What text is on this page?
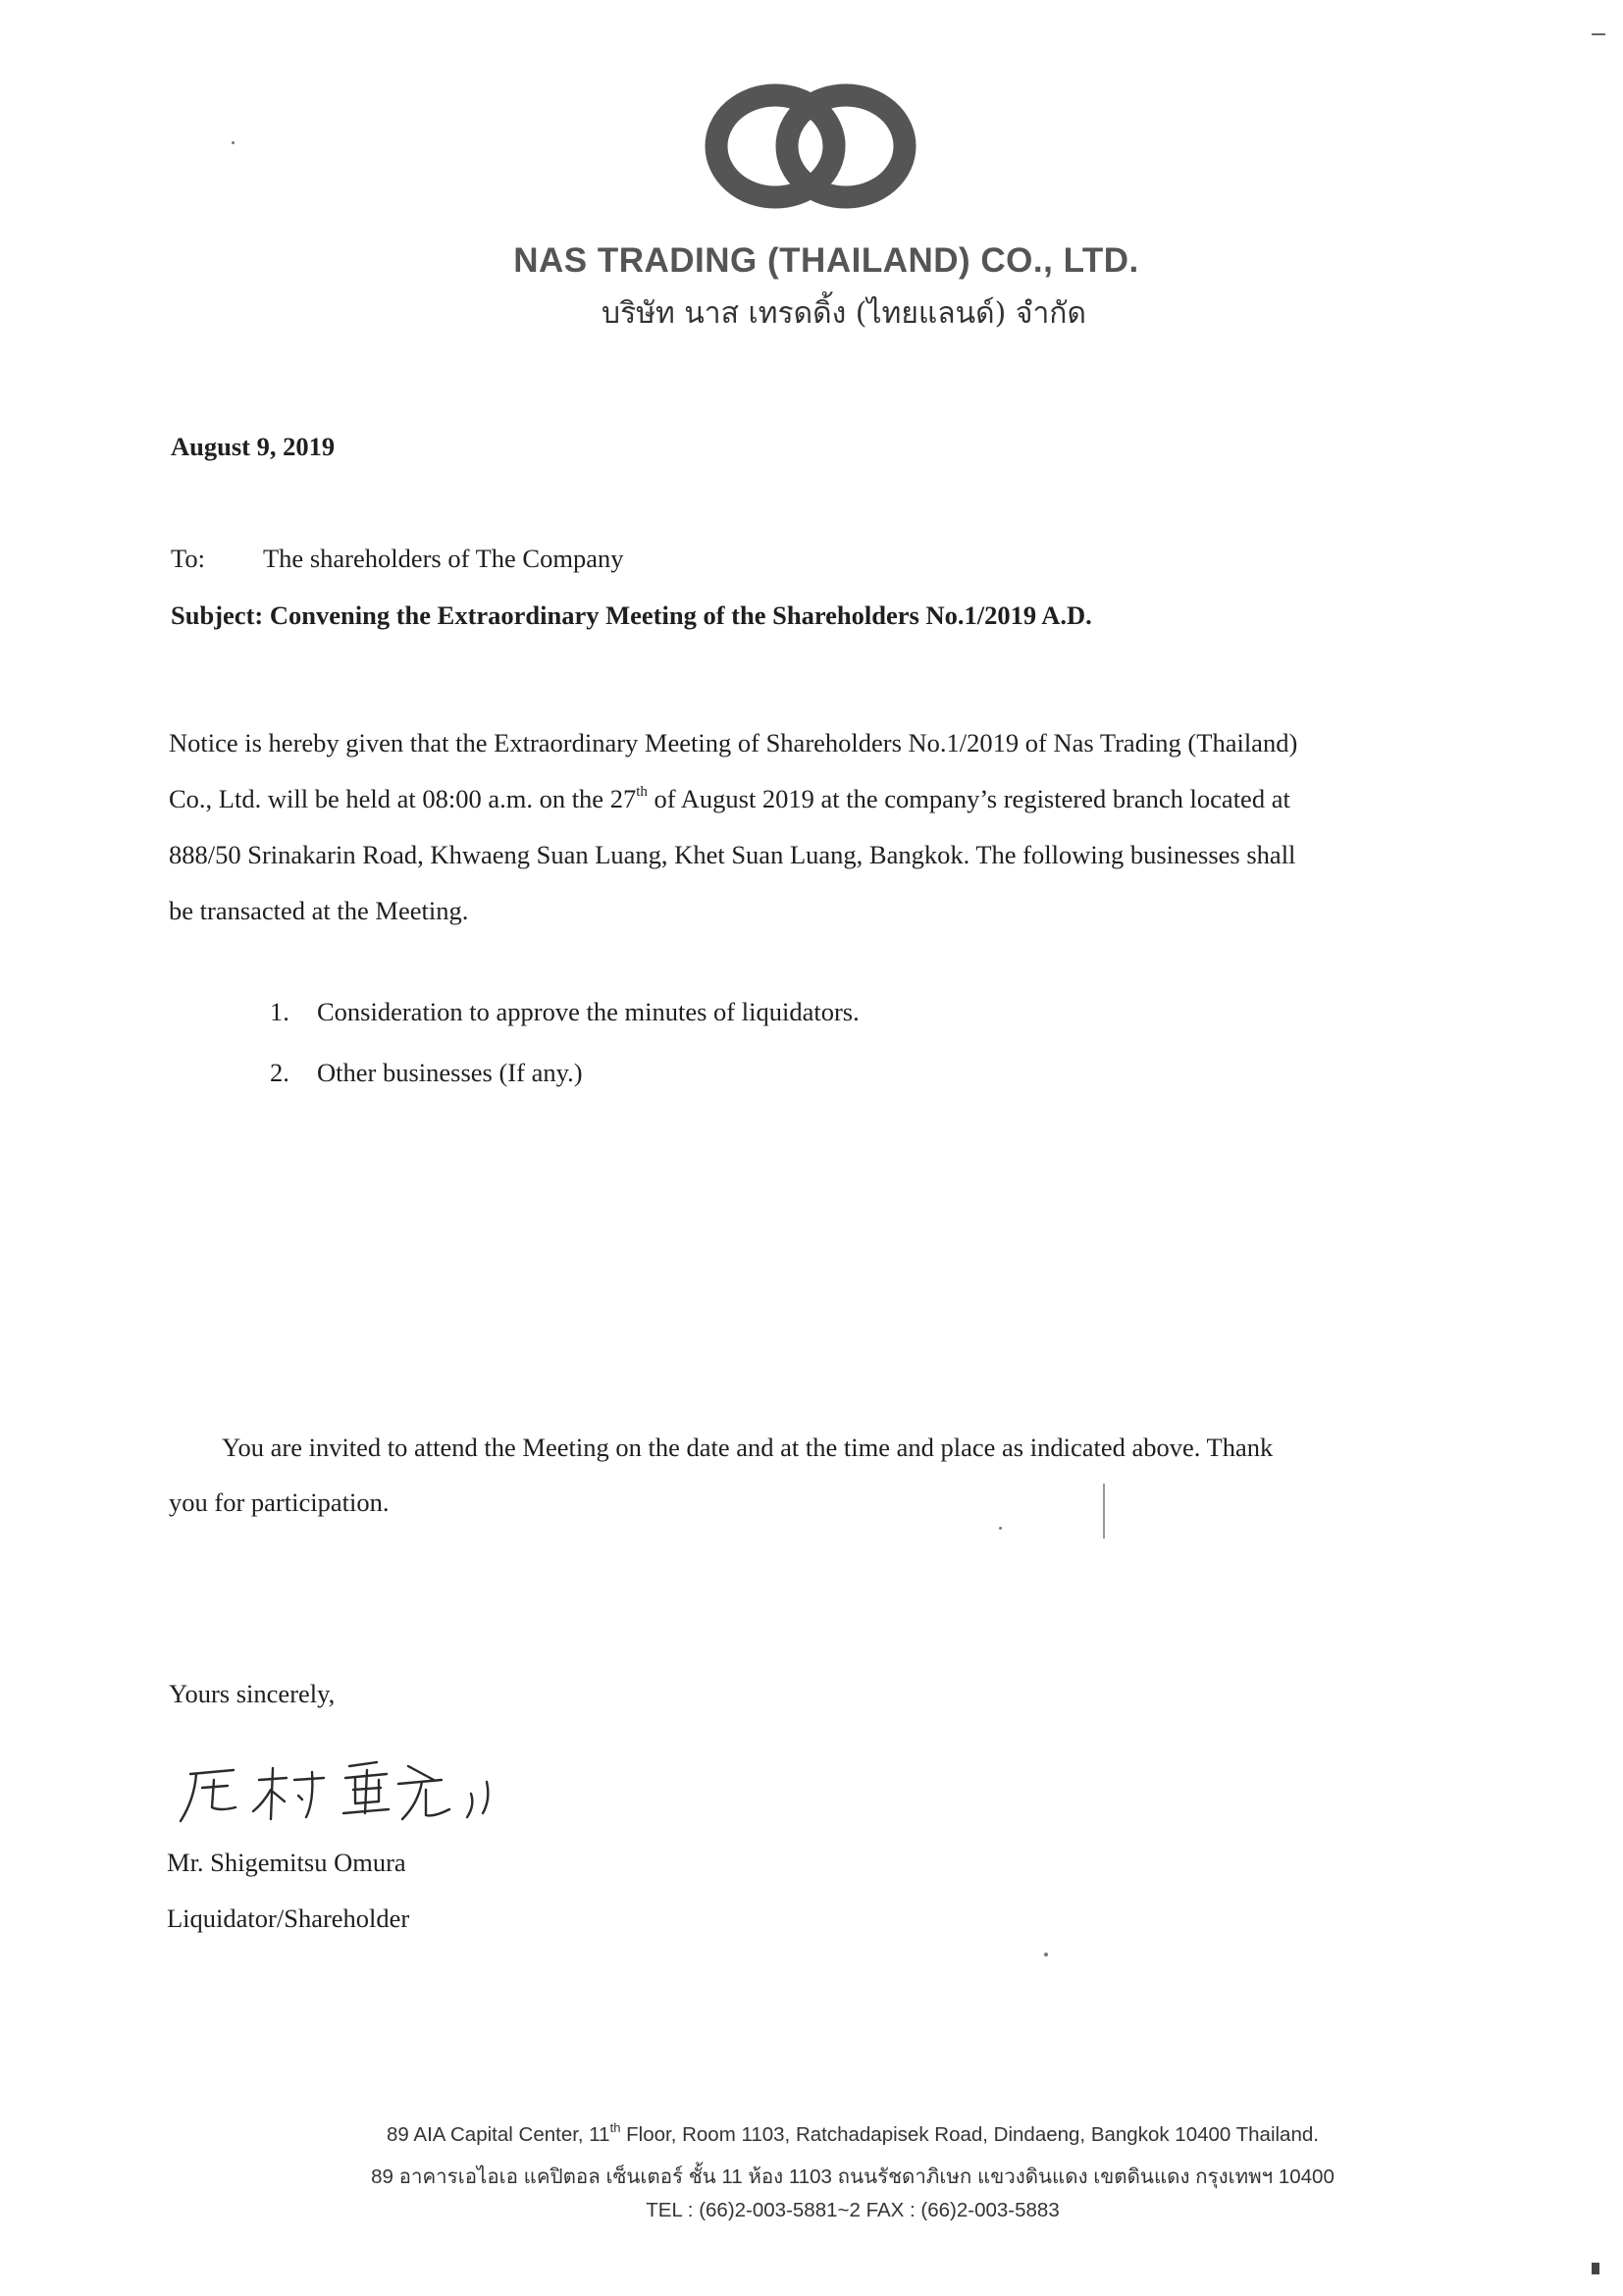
NAS TRADING (THAILAND) CO., LTD.
บริษัท นาส เทรดดิ้ง (ไทยแลนด์) จำกัด
August 9, 2019
To: The shareholders of The Company
Subject: Convening the Extraordinary Meeting of the Shareholders No.1/2019 A.D.
Notice is hereby given that the Extraordinary Meeting of Shareholders No.1/2019 of Nas Trading (Thailand)
Co., Ltd. will be held at 08:00 a.m. on the 27th of August 2019 at the company’s registered branch located at
888/50 Srinakarin Road, Khwaeng Suan Luang, Khet Suan Luang, Bangkok. The following businesses shall
be transacted at the Meeting.
1. Consideration to approve the minutes of liquidators.
2. Other businesses (If any.)
You are invited to attend the Meeting on the date and at the time and place as indicated above. Thank
you for participation.
Yours sincerely,
Mr. Shigemitsu Omura
Liquidator/Shareholder
89 AIA Capital Center, 11th Floor, Room 1103, Ratchadapisek Road, Dindaeng, Bangkok 10400 Thailand.
89 อาคารเอไอเอ แคปิตอล เซ็นเตอร์ ชั้น 11 ห้อง 1103 ถนนรัชดาภิเษก แขวงดินแดง เขตดินแดง กรุงเทพฯ 10400
TEL : (66)2-003-5881~2 FAX : (66)2-003-5883
